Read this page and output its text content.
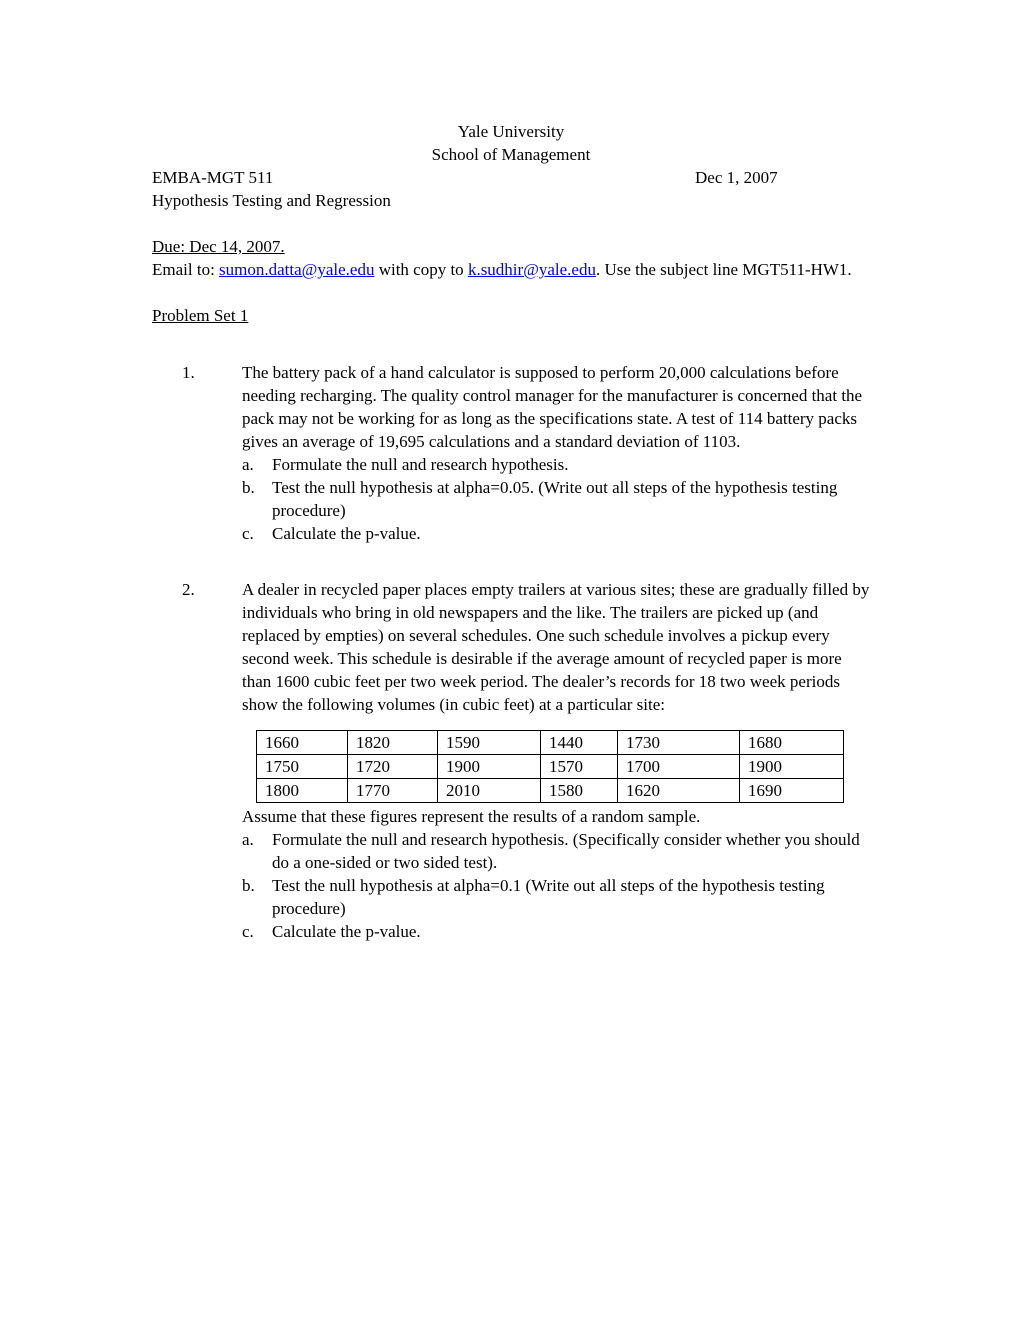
Yale University
School of Management
EMBA-MGT 511	Dec 1, 2007
Hypothesis Testing and Regression
Due: Dec 14, 2007.

Email to: sumon.datta@yale.edu with copy to k.sudhir@yale.edu. Use the subject line MGT511-HW1.

Problem Set 1
1.	The battery pack of a hand calculator is supposed to perform 20,000 calculations before needing recharging. The quality control manager for the manufacturer is concerned that the pack may not be working for as long as the specifications state. A test of 114 battery packs gives an average of 19,695 calculations and a standard deviation of 1103.

a.	Formulate the null and research hypothesis.
b.	Test the null hypothesis at alpha=0.05. (Write out all steps of the hypothesis testing procedure)
c.	Calculate the p-value.
2.	A dealer in recycled paper places empty trailers at various sites; these are gradually filled by individuals who bring in old newspapers and the like. The trailers are picked up (and replaced by empties) on several schedules. One such schedule involves a pickup every second week. This schedule is desirable if the average amount of recycled paper is more than 1600 cubic feet per two week period. The dealer’s records for 18 two week periods show the following volumes (in cubic feet) at a particular site:

1660	1820	1590	1440	1730	1680
1750	1720	1900	1570	1700	1900
1800	1770	2010	1580	1620	1690

Assume that these figures represent the results of a random sample.

a.	Formulate the null and research hypothesis. (Specifically consider whether you should do a one-sided or two sided test).
b.	Test the null hypothesis at alpha=0.1 (Write out all steps of the hypothesis testing procedure)
c.	Calculate the p-value.
